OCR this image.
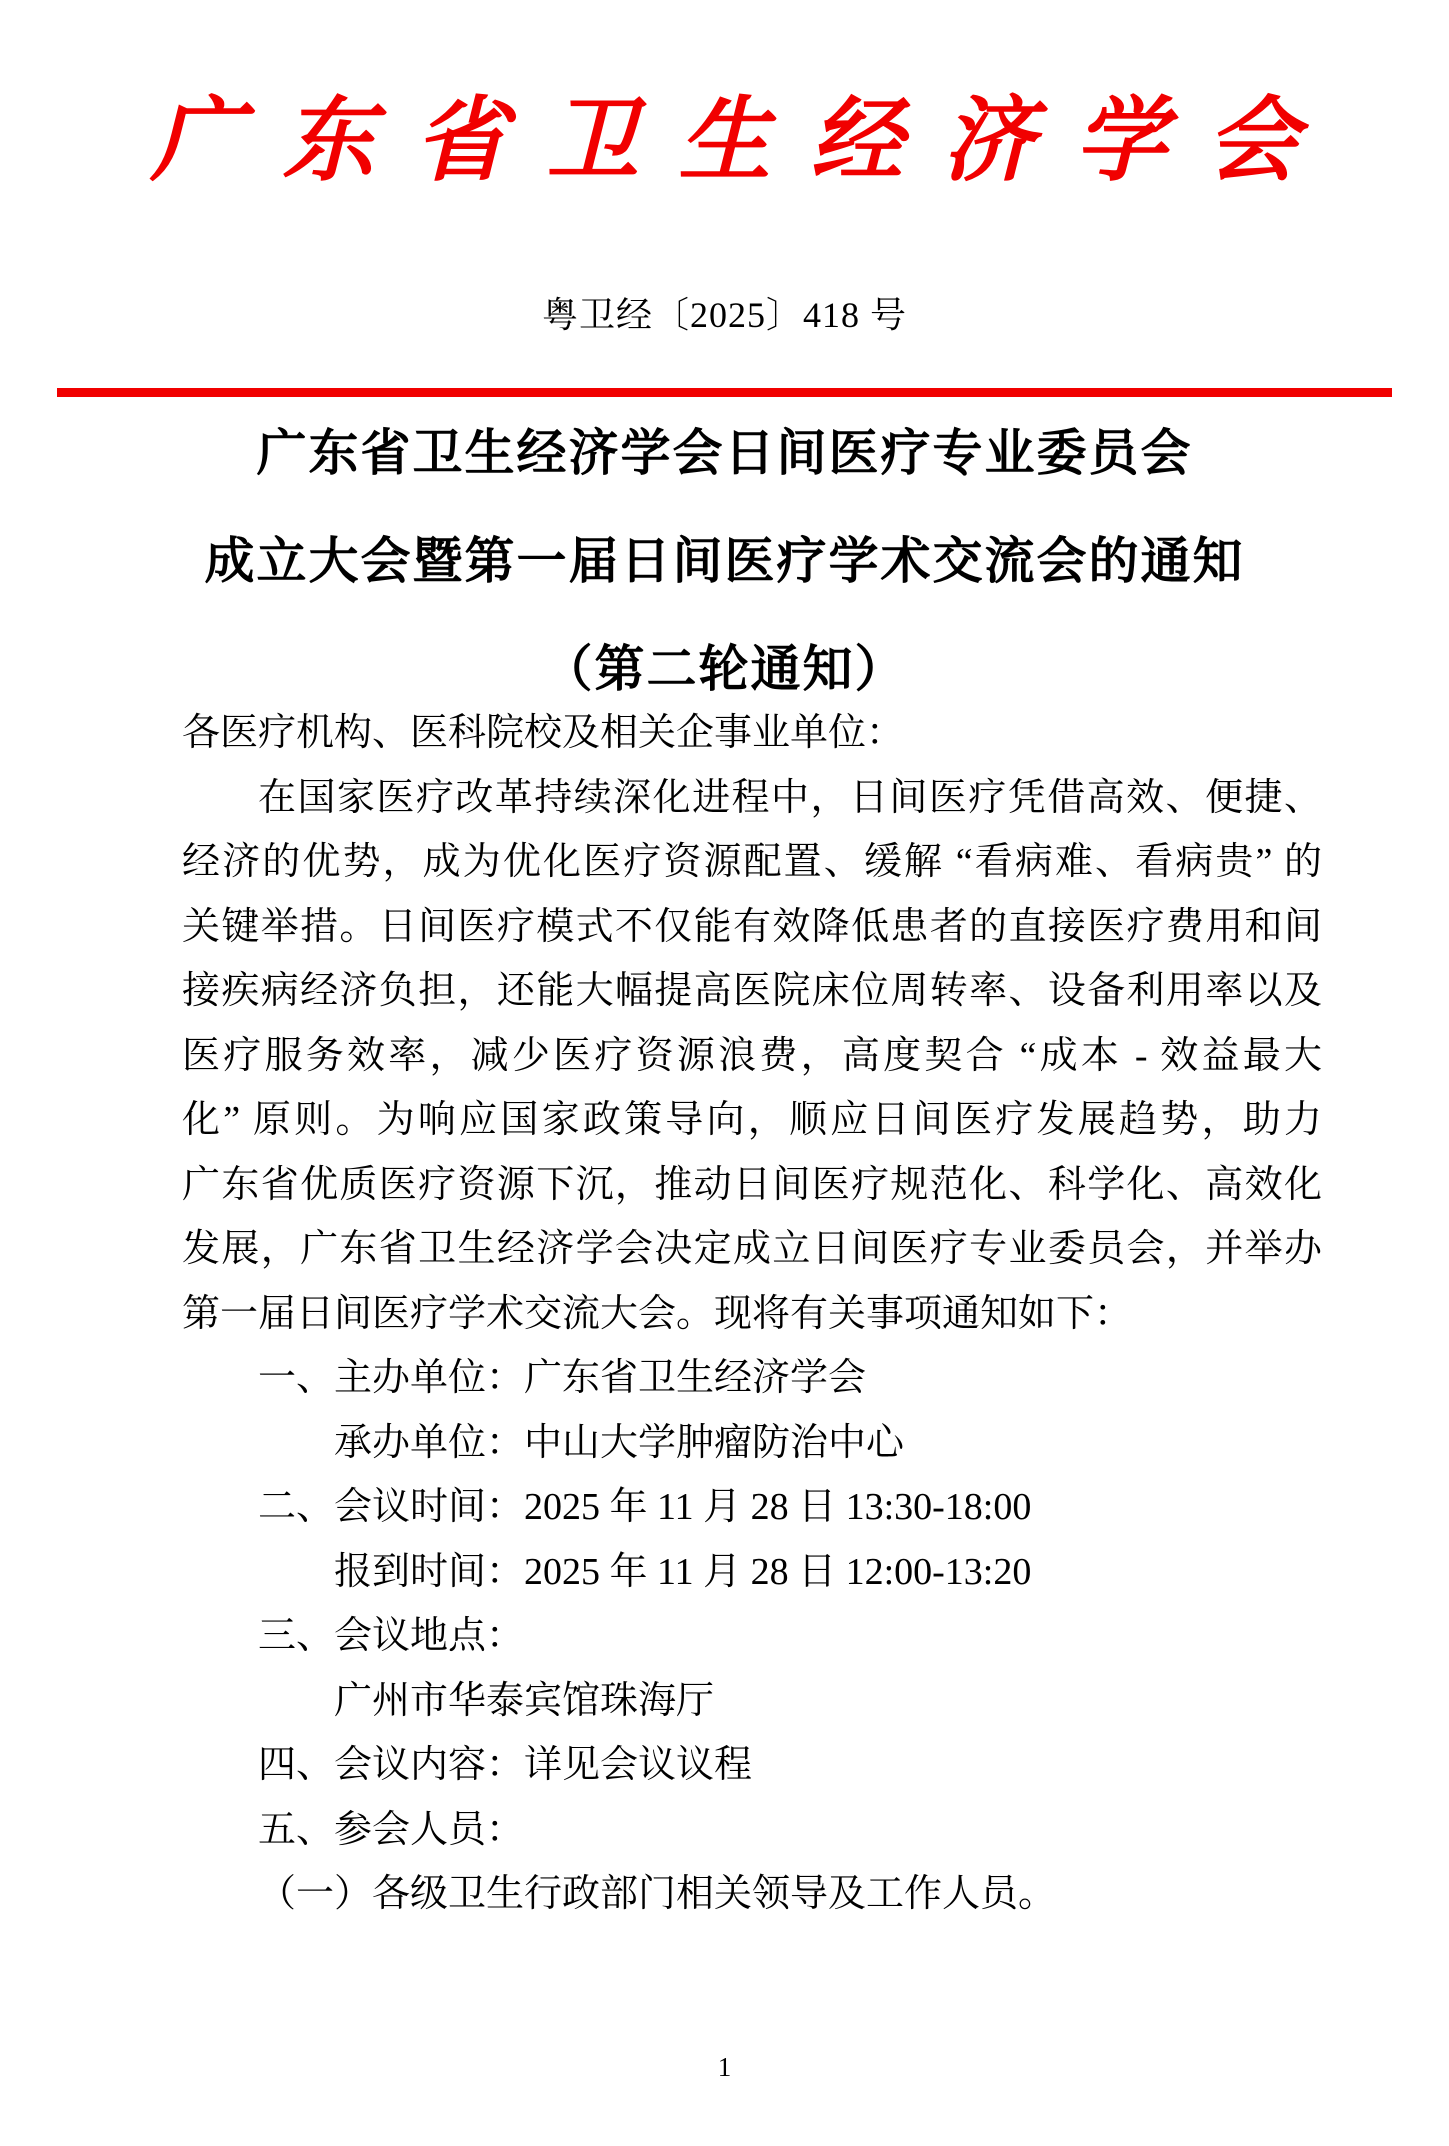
广东省卫生经济学会
粤卫经〔2025〕418 号
广东省卫生经济学会日间医疗专业委员会
成立大会暨第一届日间医疗学术交流会的通知
（第二轮通知）
各医疗机构、医科院校及相关企事业单位：
在国家医疗改革持续深化进程中，日间医疗凭借高效、便捷、
经济的优势，成为优化医疗资源配置、缓解 “看病难、看病贵” 的
关键举措。日间医疗模式不仅能有效降低患者的直接医疗费用和间
接疾病经济负担，还能大幅提高医院床位周转率、设备利用率以及
医疗服务效率，减少医疗资源浪费，高度契合 “成本 - 效益最大
化” 原则。为响应国家政策导向，顺应日间医疗发展趋势，助力
广东省优质医疗资源下沉，推动日间医疗规范化、科学化、高效化
发展，广东省卫生经济学会决定成立日间医疗专业委员会，并举办
第一届日间医疗学术交流大会。现将有关事项通知如下：
一、主办单位：广东省卫生经济学会
承办单位：中山大学肿瘤防治中心
二、会议时间：2025 年 11 月 28 日 13:30-18:00
报到时间：2025 年 11 月 28 日 12:00-13:20
三、会议地点：
广州市华泰宾馆珠海厅
四、会议内容：详见会议议程
五、参会人员：
（一）各级卫生行政部门相关领导及工作人员。
1
